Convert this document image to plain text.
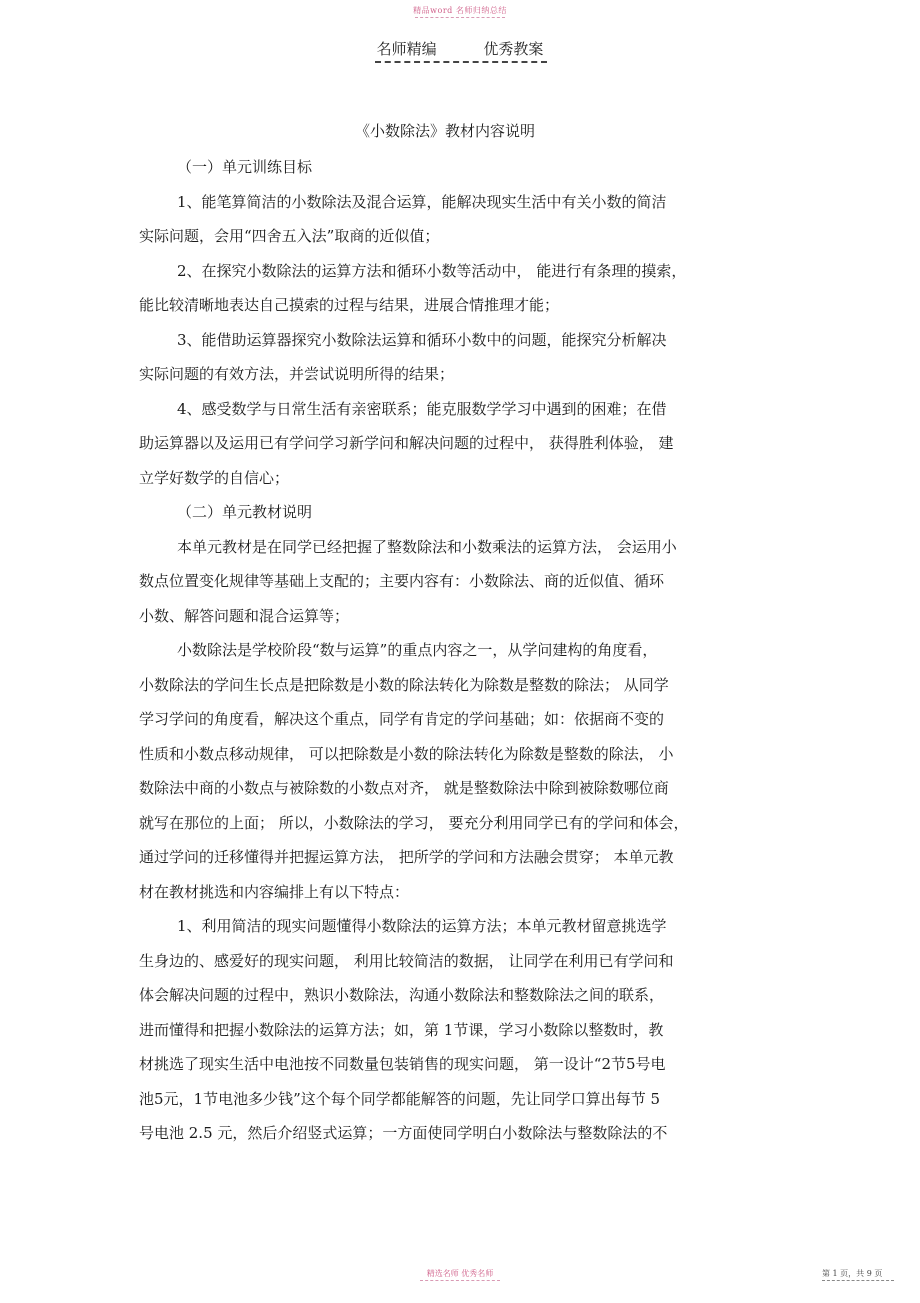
精品word 名师归纳总结
名师精编	优秀教案
《小数除法》教材内容说明
（一）单元训练目标
1、能笔算简洁的小数除法及混合运算，能解决现实生活中有关小数的简洁
实际问题，会用“四舍五入法”取商的近似值；
2、在探究小数除法的运算方法和循环小数等活动中， 能进行有条理的摸索，
能比较清晰地表达自己摸索的过程与结果，进展合情推理才能；
3、能借助运算器探究小数除法运算和循环小数中的问题，能探究分析解决
实际问题的有效方法，并尝试说明所得的结果；
4、感受数学与日常生活有亲密联系；能克服数学学习中遇到的困难；在借
助运算器以及运用已有学问学习新学问和解决问题的过程中， 获得胜利体验， 建
立学好数学的自信心；
（二）单元教材说明
本单元教材是在同学已经把握了整数除法和小数乘法的运算方法， 会运用小
数点位置变化规律等基础上支配的；主要内容有：小数除法、商的近似值、循环
小数、解答问题和混合运算等；
小数除法是学校阶段“数与运算”的重点内容之一，从学问建构的角度看，
小数除法的学问生长点是把除数是小数的除法转化为除数是整数的除法； 从同学
学习学问的角度看，解决这个重点，同学有肯定的学问基础；如：依据商不变的
性质和小数点移动规律， 可以把除数是小数的除法转化为除数是整数的除法， 小
数除法中商的小数点与被除数的小数点对齐， 就是整数除法中除到被除数哪位商
就写在那位的上面； 所以，小数除法的学习， 要充分利用同学已有的学问和体会，
通过学问的迁移懂得并把握运算方法， 把所学的学问和方法融会贯穿； 本单元教
材在教材挑选和内容编排上有以下特点：
1、利用简洁的现实问题懂得小数除法的运算方法；本单元教材留意挑选学
生身边的、感爱好的现实问题， 利用比较简洁的数据， 让同学在利用已有学问和
体会解决问题的过程中，熟识小数除法，沟通小数除法和整数除法之间的联系，
进而懂得和把握小数除法的运算方法；如，第 1节课，学习小数除以整数时，教
材挑选了现实生活中电池按不同数量包装销售的现实问题， 第一设计“2节5号电
池5元，1节电池多少钱”这个每个同学都能解答的问题，先让同学口算出每节 5
号电池 2.5 元，然后介绍竖式运算；一方面使同学明白小数除法与整数除法的不
精选名师 优秀名师	第 1 页，共 9 页
